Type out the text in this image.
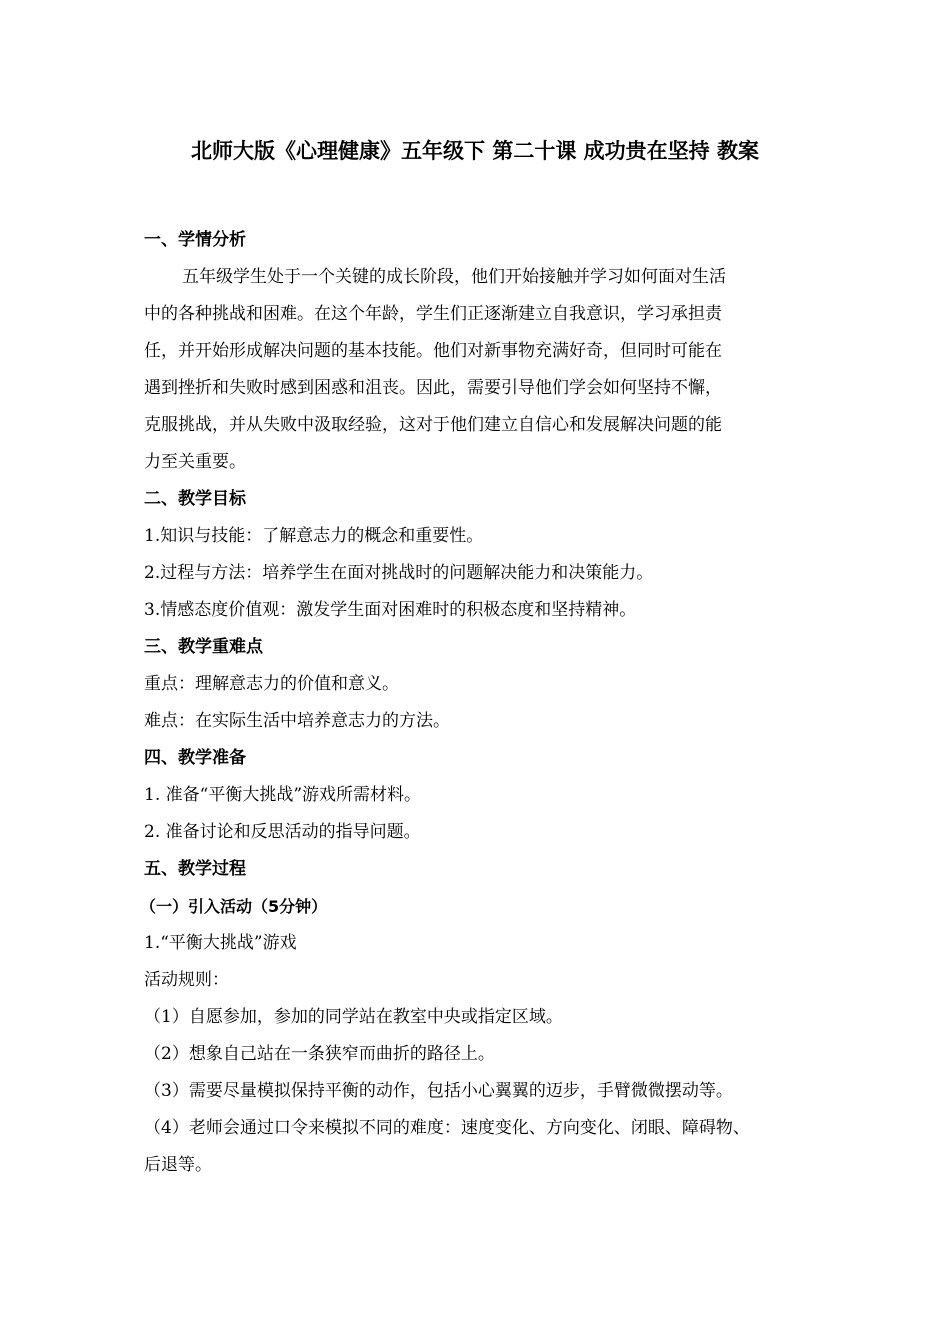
北师大版《心理健康》五年级下 第二十课 成功贵在坚持 教案
一、学情分析
五年级学生处于一个关键的成长阶段，他们开始接触并学习如何面对生活
中的各种挑战和困难。在这个年龄，学生们正逐渐建立自我意识，学习承担责
任，并开始形成解决问题的基本技能。他们对新事物充满好奇，但同时可能在
遇到挫折和失败时感到困惑和沮丧。因此，需要引导他们学会如何坚持不懈，
克服挑战，并从失败中汲取经验，这对于他们建立自信心和发展解决问题的能
力至关重要。
二、教学目标
1.知识与技能：了解意志力的概念和重要性。
2.过程与方法：培养学生在面对挑战时的问题解决能力和决策能力。
3.情感态度价值观：激发学生面对困难时的积极态度和坚持精神。
三、教学重难点
重点：理解意志力的价值和意义。
难点：在实际生活中培养意志力的方法。
四、教学准备
1. 准备“平衡大挑战”游戏所需材料。
2. 准备讨论和反思活动的指导问题。
五、教学过程
（一）引入活动（5分钟）
1.“平衡大挑战”游戏
活动规则：
（1）自愿参加，参加的同学站在教室中央或指定区域。
（2）想象自己站在一条狭窄而曲折的路径上。
（3）需要尽量模拟保持平衡的动作，包括小心翼翼的迈步，手臂微微摆动等。
（4）老师会通过口令来模拟不同的难度：速度变化、方向变化、闭眼、障碍物、
后退等。
